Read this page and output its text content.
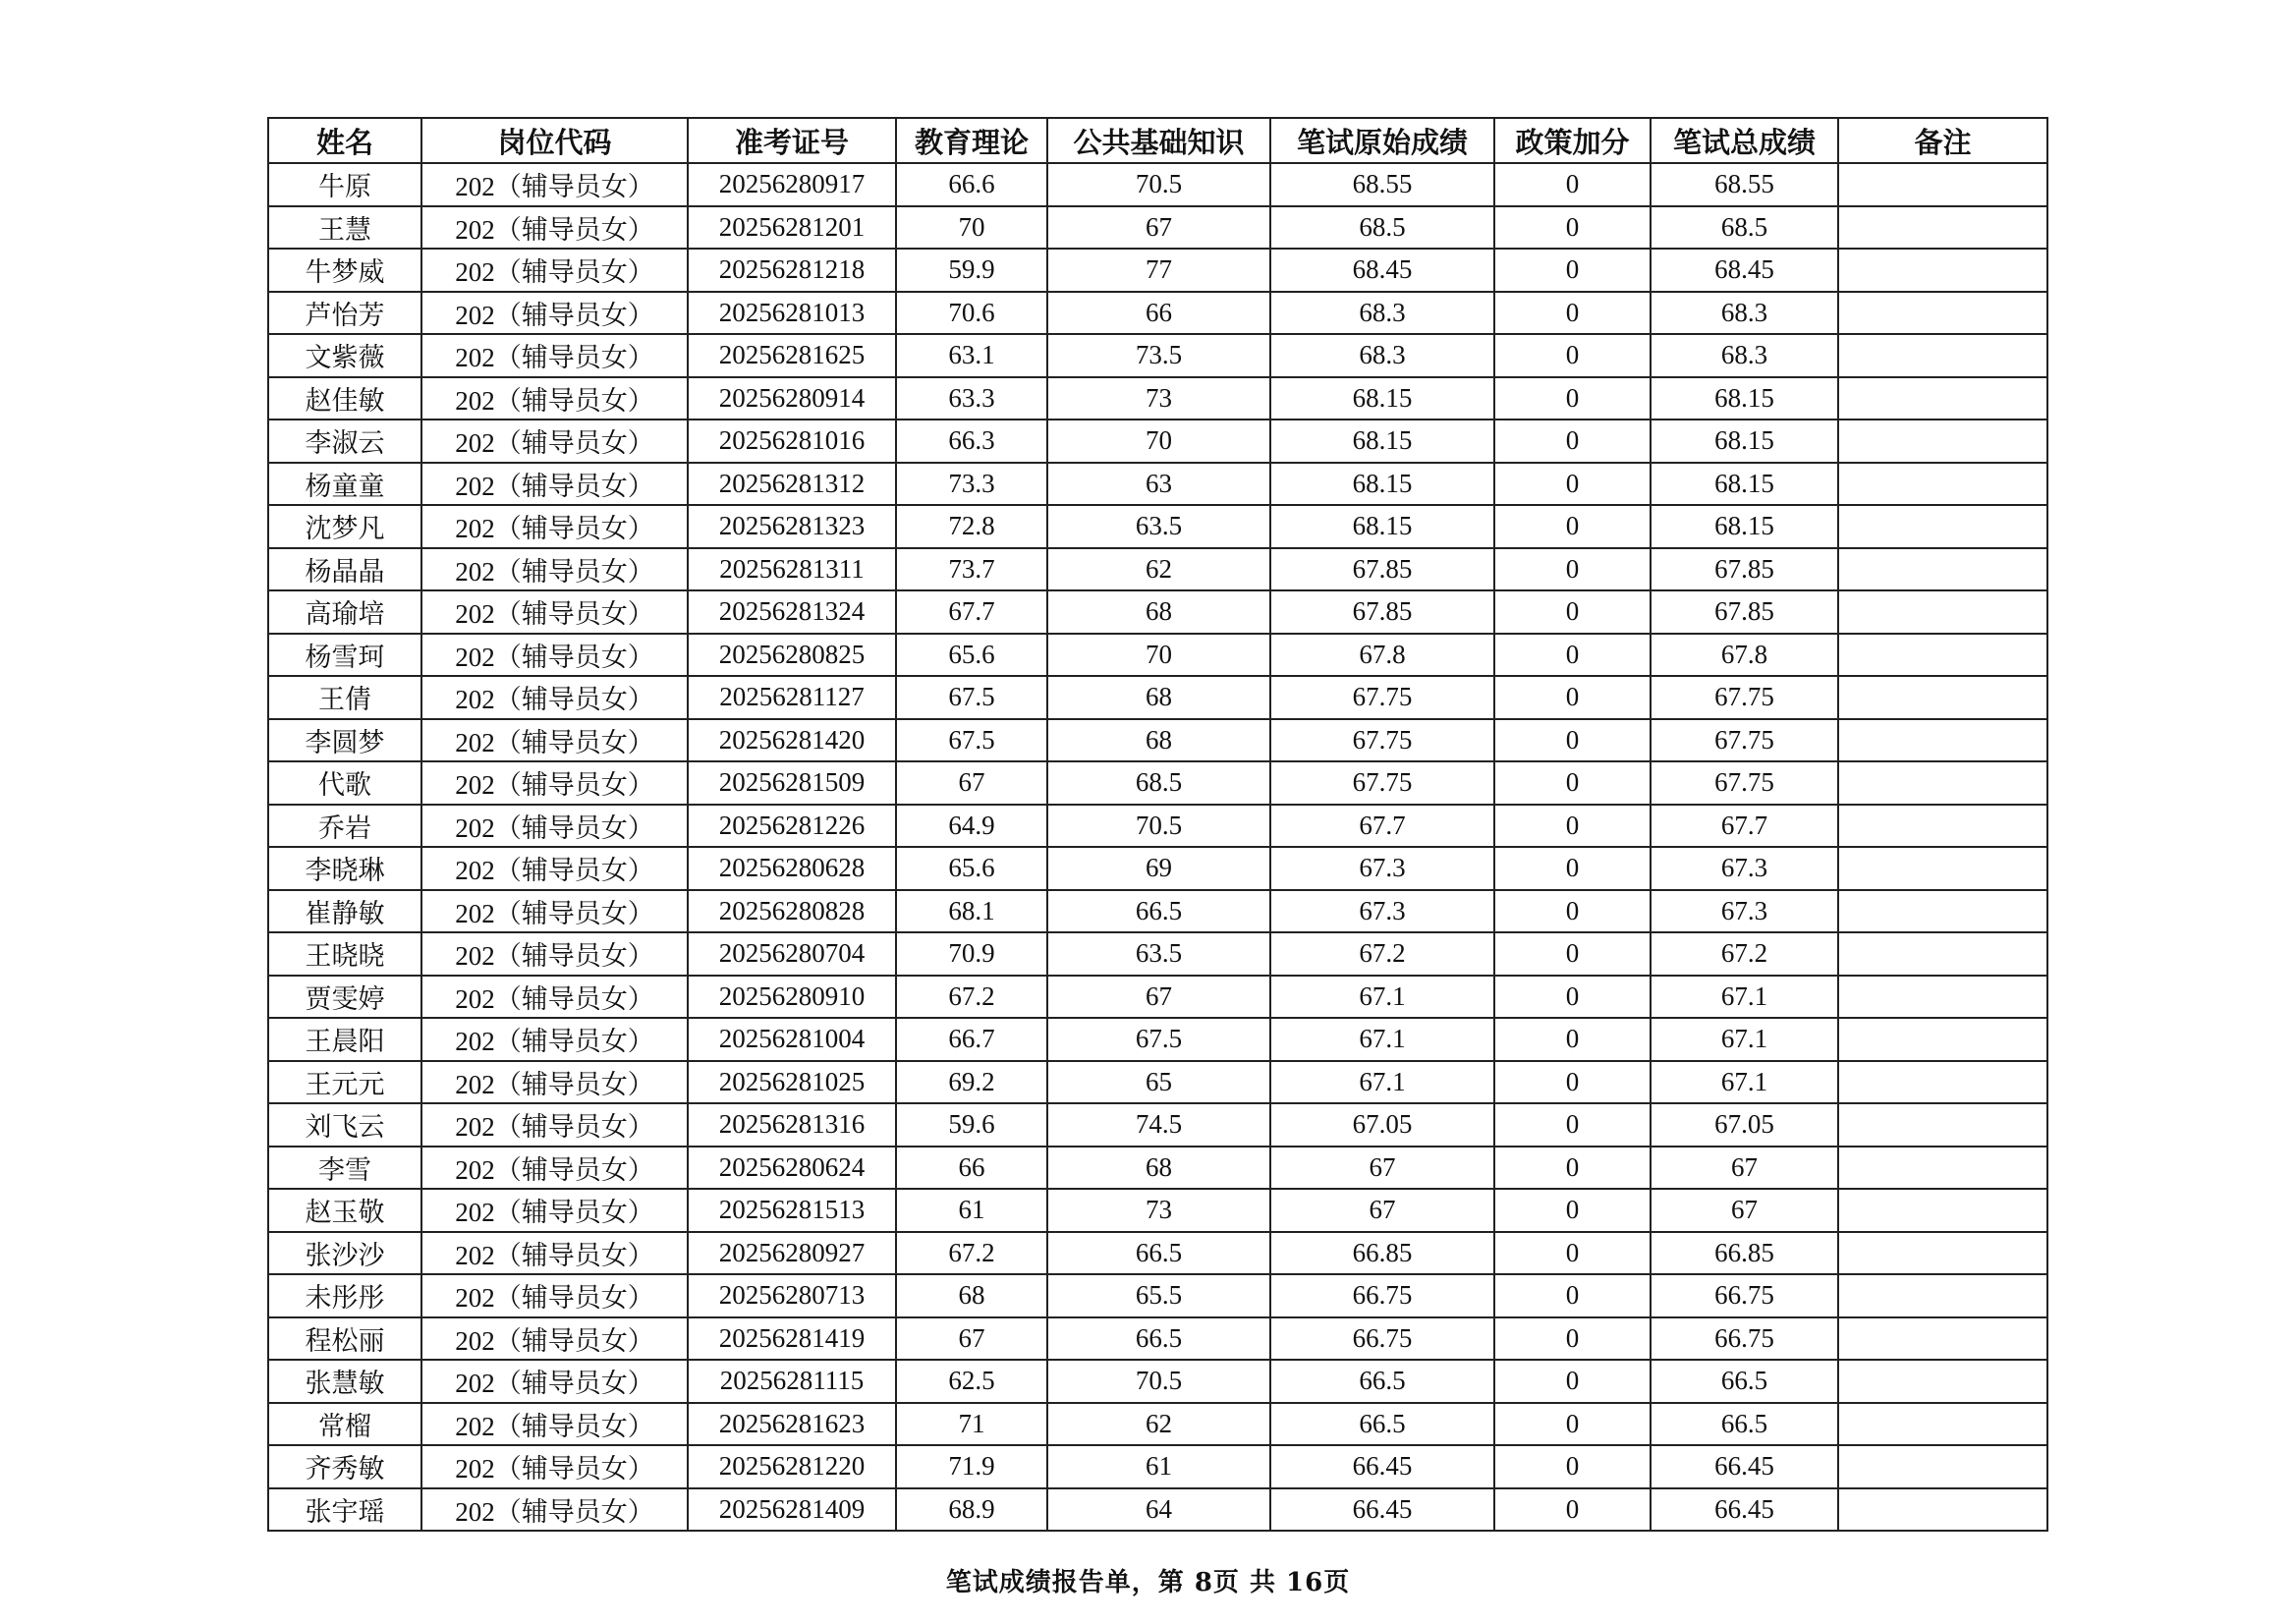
姓名	岗位代码	准考证号	教育理论	公共基础知识	笔试原始成绩	政策加分	笔试总成绩	备注
牛原	202（辅导员女）	20256280917	66.6	70.5	68.55	0	68.55	
王慧	202（辅导员女）	20256281201	70	67	68.5	0	68.5	
牛梦威	202（辅导员女）	20256281218	59.9	77	68.45	0	68.45	
芦怡芳	202（辅导员女）	20256281013	70.6	66	68.3	0	68.3	
文紫薇	202（辅导员女）	20256281625	63.1	73.5	68.3	0	68.3	
赵佳敏	202（辅导员女）	20256280914	63.3	73	68.15	0	68.15	
李淑云	202（辅导员女）	20256281016	66.3	70	68.15	0	68.15	
杨童童	202（辅导员女）	20256281312	73.3	63	68.15	0	68.15	
沈梦凡	202（辅导员女）	20256281323	72.8	63.5	68.15	0	68.15	
杨晶晶	202（辅导员女）	20256281311	73.7	62	67.85	0	67.85	
高瑜培	202（辅导员女）	20256281324	67.7	68	67.85	0	67.85	
杨雪珂	202（辅导员女）	20256280825	65.6	70	67.8	0	67.8	
王倩	202（辅导员女）	20256281127	67.5	68	67.75	0	67.75	
李圆梦	202（辅导员女）	20256281420	67.5	68	67.75	0	67.75	
代歌	202（辅导员女）	20256281509	67	68.5	67.75	0	67.75	
乔岩	202（辅导员女）	20256281226	64.9	70.5	67.7	0	67.7	
李晓琳	202（辅导员女）	20256280628	65.6	69	67.3	0	67.3	
崔静敏	202（辅导员女）	20256280828	68.1	66.5	67.3	0	67.3	
王晓晓	202（辅导员女）	20256280704	70.9	63.5	67.2	0	67.2	
贾雯婷	202（辅导员女）	20256280910	67.2	67	67.1	0	67.1	
王晨阳	202（辅导员女）	20256281004	66.7	67.5	67.1	0	67.1	
王元元	202（辅导员女）	20256281025	69.2	65	67.1	0	67.1	
刘飞云	202（辅导员女）	20256281316	59.6	74.5	67.05	0	67.05	
李雪	202（辅导员女）	20256280624	66	68	67	0	67	
赵玉敬	202（辅导员女）	20256281513	61	73	67	0	67	
张沙沙	202（辅导员女）	20256280927	67.2	66.5	66.85	0	66.85	
未彤彤	202（辅导员女）	20256280713	68	65.5	66.75	0	66.75	
程松丽	202（辅导员女）	20256281419	67	66.5	66.75	0	66.75	
张慧敏	202（辅导员女）	20256281115	62.5	70.5	66.5	0	66.5	
常榴	202（辅导员女）	20256281623	71	62	66.5	0	66.5	
齐秀敏	202（辅导员女）	20256281220	71.9	61	66.45	0	66.45	
张宇瑶	202（辅导员女）	20256281409	68.9	64	66.45	0	66.45	
笔试成绩报告单，第 8页 共 16页
